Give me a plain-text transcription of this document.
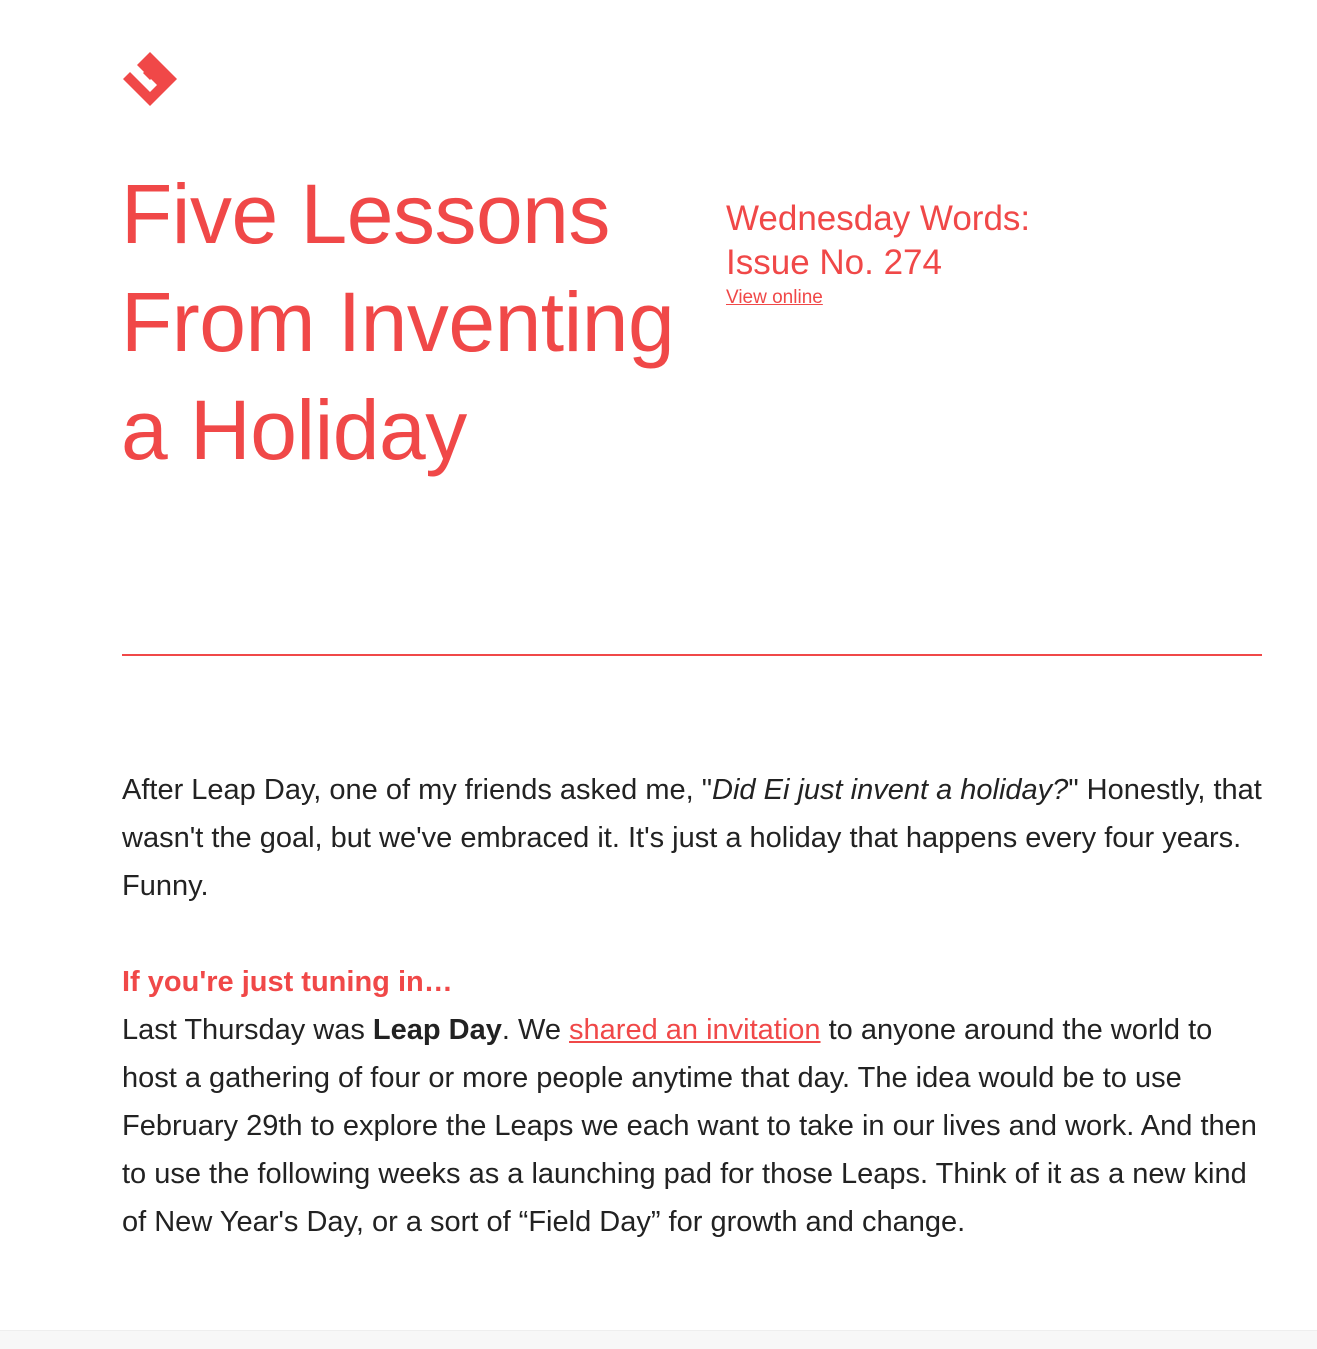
Five Lessons From Inventing a Holiday
Wednesday Words:
Issue No. 274
View online

After Leap Day, one of my friends asked me, "Did Ei just invent a holiday?" Honestly, that wasn't the goal, but we've embraced it. It's just a holiday that happens every four years. Funny.

If you're just tuning in…

Last Thursday was Leap Day. We shared an invitation to anyone around the world to host a gathering of four or more people anytime that day. The idea would be to use February 29th to explore the Leaps we each want to take in our lives and work. And then to use the following weeks as a launching pad for those Leaps. Think of it as a new kind of New Year's Day, or a sort of “Field Day” for growth and change.
